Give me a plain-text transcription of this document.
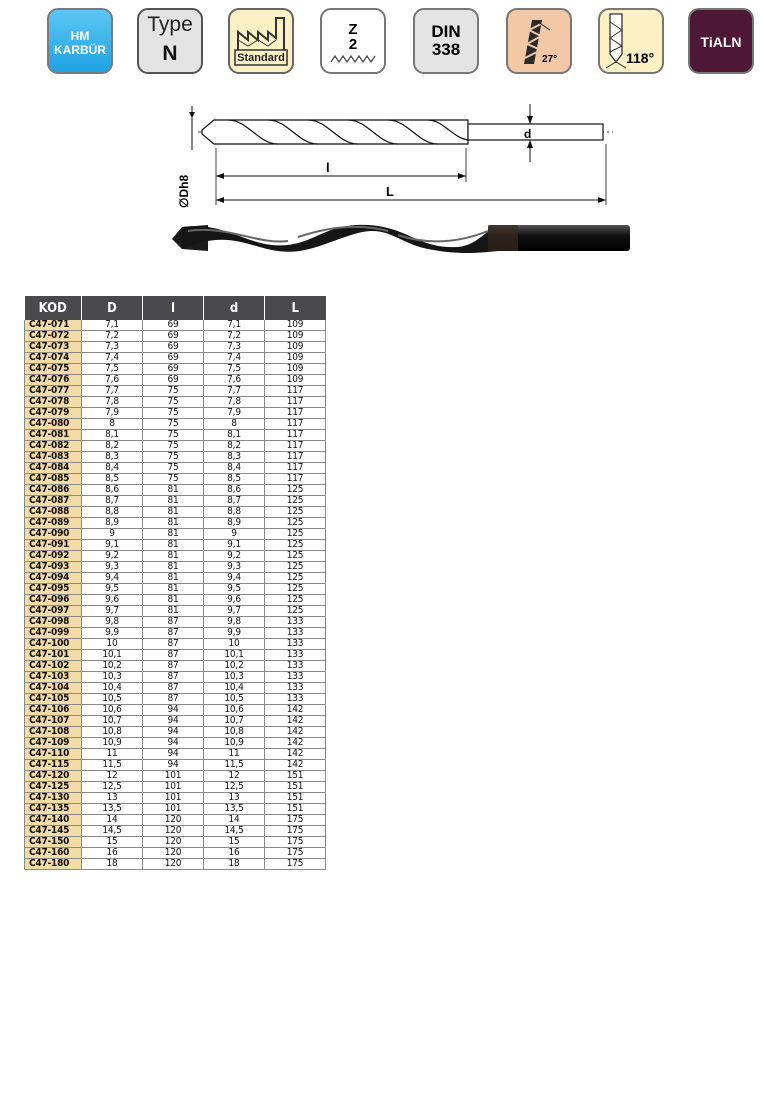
HM
KARBÜR
Type
N	Standard
Z
2
DIN
338
27°	118°
TiALN
d
l
L
∅Dh8
KOD	D	l	d	L
C47-071	7,1	69	7,1	109
C47-072	7,2	69	7,2	109
C47-073	7,3	69	7,3	109
C47-074	7,4	69	7,4	109
C47-075	7,5	69	7,5	109
C47-076	7,6	69	7,6	109
C47-077	7,7	75	7,7	117
C47-078	7,8	75	7,8	117
C47-079	7,9	75	7,9	117
C47-080	8	75	8	117
C47-081	8,1	75	8,1	117
C47-082	8,2	75	8,2	117
C47-083	8,3	75	8,3	117
C47-084	8,4	75	8,4	117
C47-085	8,5	75	8,5	117
C47-086	8,6	81	8,6	125
C47-087	8,7	81	8,7	125
C47-088	8,8	81	8,8	125
C47-089	8,9	81	8,9	125
C47-090	9	81	9	125
C47-091	9,1	81	9,1	125
C47-092	9,2	81	9,2	125
C47-093	9,3	81	9,3	125
C47-094	9,4	81	9,4	125
C47-095	9,5	81	9,5	125
C47-096	9,6	81	9,6	125
C47-097	9,7	81	9,7	125
C47-098	9,8	87	9,8	133
C47-099	9,9	87	9,9	133
C47-100	10	87	10	133
C47-101	10,1	87	10,1	133
C47-102	10,2	87	10,2	133
C47-103	10,3	87	10,3	133
C47-104	10,4	87	10,4	133
C47-105	10,5	87	10,5	133
C47-106	10,6	94	10,6	142
C47-107	10,7	94	10,7	142
C47-108	10,8	94	10,8	142
C47-109	10,9	94	10,9	142
C47-110	11	94	11	142
C47-115	11,5	94	11,5	142
C47-120	12	101	12	151
C47-125	12,5	101	12,5	151
C47-130	13	101	13	151
C47-135	13,5	101	13,5	151
C47-140	14	120	14	175
C47-145	14,5	120	14,5	175
C47-150	15	120	15	175
C47-160	16	120	16	175
C47-180	18	120	18	175
